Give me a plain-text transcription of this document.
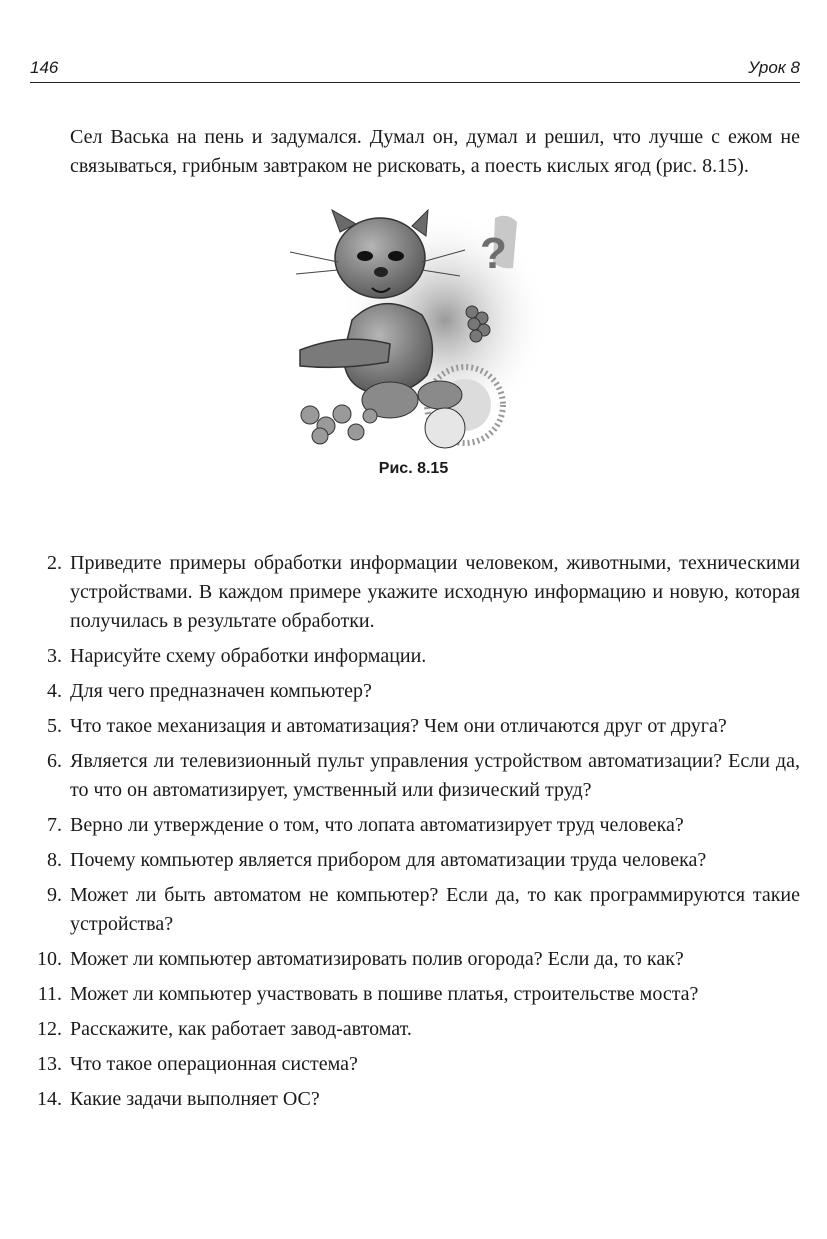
146	Урок 8

Сел Васька на пень и задумался. Думал он, думал и решил, что лучше с ежом не связываться, грибным завтраком не рисковать, а поесть кислых ягод (рис. 8.15).

?
Рис. 8.15
2. Приведите примеры обработки информации человеком, животными, техническими устройствами. В каждом примере укажите исходную информацию и новую, которая получилась в результате обработки.
3. Нарисуйте схему обработки информации.
4. Для чего предназначен компьютер?
5. Что такое механизация и автоматизация? Чем они отличаются друг от друга?
6. Является ли телевизионный пульт управления устройством автоматизации? Если да, то что он автоматизирует, умственный или физический труд?
7. Верно ли утверждение о том, что лопата автоматизирует труд человека?
8. Почему компьютер является прибором для автоматизации труда человека?
9. Может ли быть автоматом не компьютер? Если да, то как программируются такие устройства?
10. Может ли компьютер автоматизировать полив огорода? Если да, то как?
11. Может ли компьютер участвовать в пошиве платья, строительстве моста?
12. Расскажите, как работает завод-автомат.
13. Что такое операционная система?
14. Какие задачи выполняет ОС?
